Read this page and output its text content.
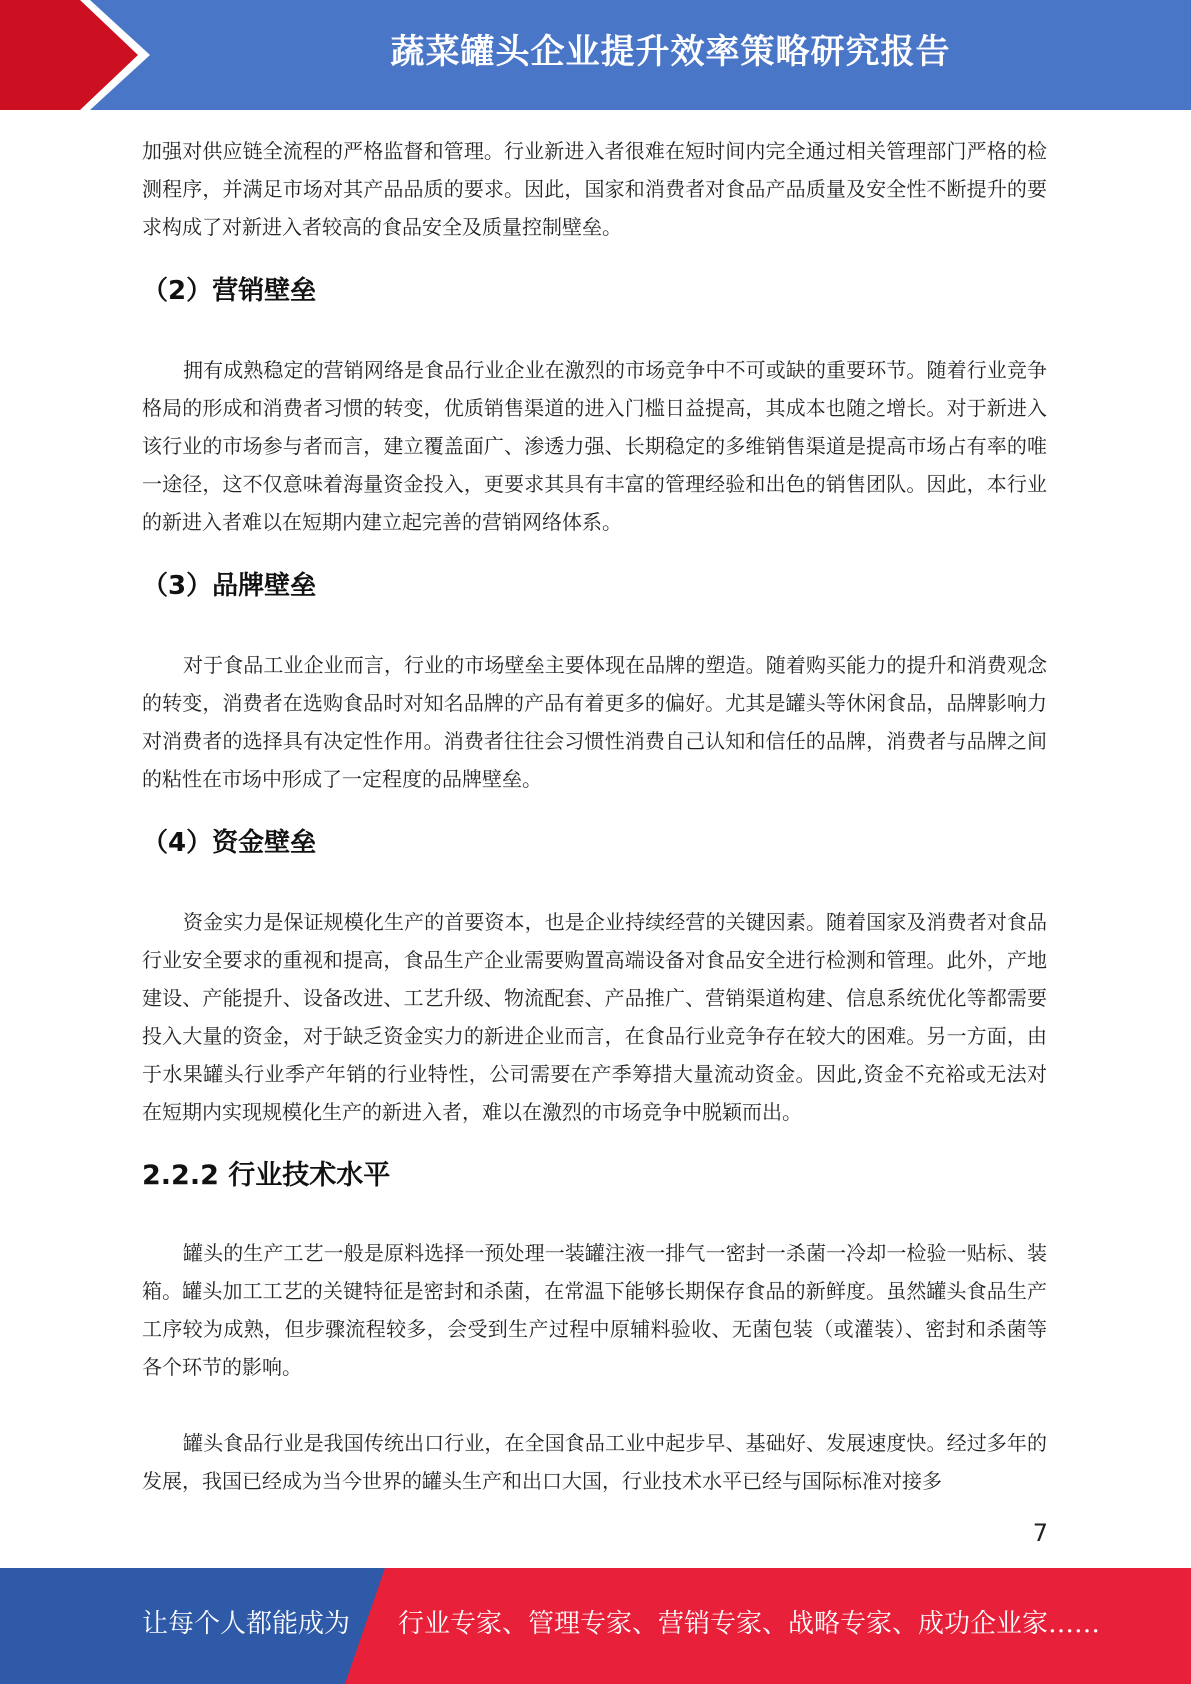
蔬菜罐头企业提升效率策略研究报告

加强对供应链全流程的严格监督和管理。行业新进入者很难在短时间内完全通过相关管理部门严格的检测程序，并满足市场对其产品品质的要求。因此，国家和消费者对食品产品质量及安全性不断提升的要求构成了对新进入者较高的食品安全及质量控制壁垒。

（2）营销壁垒

拥有成熟稳定的营销网络是食品行业企业在激烈的市场竞争中不可或缺的重要环节。随着行业竞争格局的形成和消费者习惯的转变，优质销售渠道的进入门槛日益提高，其成本也随之增长。对于新进入该行业的市场参与者而言，建立覆盖面广、渗透力强、长期稳定的多维销售渠道是提高市场占有率的唯一途径，这不仅意味着海量资金投入，更要求其具有丰富的管理经验和出色的销售团队。因此，本行业的新进入者难以在短期内建立起完善的营销网络体系。

（3）品牌壁垒

对于食品工业企业而言，行业的市场壁垒主要体现在品牌的塑造。随着购买能力的提升和消费观念的转变，消费者在选购食品时对知名品牌的产品有着更多的偏好。尤其是罐头等休闲食品，品牌影响力对消费者的选择具有决定性作用。消费者往往会习惯性消费自己认知和信任的品牌，消费者与品牌之间的粘性在市场中形成了一定程度的品牌壁垒。

（4）资金壁垒

资金实力是保证规模化生产的首要资本，也是企业持续经营的关键因素。随着国家及消费者对食品行业安全要求的重视和提高，食品生产企业需要购置高端设备对食品安全进行检测和管理。此外，产地建设、产能提升、设备改进、工艺升级、物流配套、产品推广、营销渠道构建、信息系统优化等都需要投入大量的资金，对于缺乏资金实力的新进企业而言，在食品行业竞争存在较大的困难。另一方面，由于水果罐头行业季产年销的行业特性，公司需要在产季筹措大量流动资金。因此,资金不充裕或无法对在短期内实现规模化生产的新进入者，难以在激烈的市场竞争中脱颖而出。

2.2.2 行业技术水平

罐头的生产工艺一般是原料选择一预处理一装罐注液一排气一密封一杀菌一冷却一检验一贴标、装箱。罐头加工工艺的关键特征是密封和杀菌，在常温下能够长期保存食品的新鲜度。虽然罐头食品生产工序较为成熟，但步骤流程较多，会受到生产过程中原辅料验收、无菌包装（或灌装）、密封和杀菌等各个环节的影响。

罐头食品行业是我国传统出口行业，在全国食品工业中起步早、基础好、发展速度快。经过多年的发展，我国已经成为当今世界的罐头生产和出口大国，行业技术水平已经与国际标准对接多

7
让每个人都能成为 行业专家、管理专家、营销专家、战略专家、成功企业家……
